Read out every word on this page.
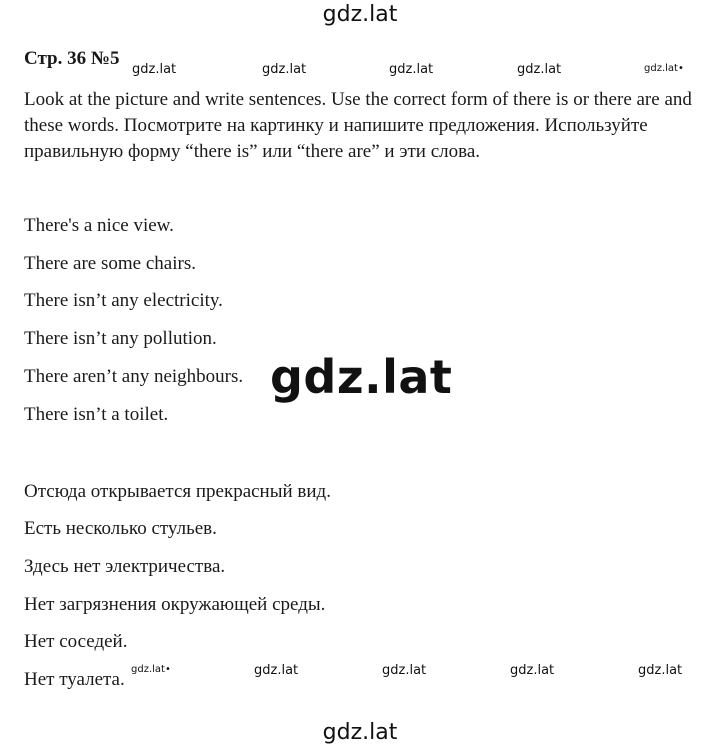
gdz.lat
gdz.lat	gdz.lat	gdz.lat	gdz.lat	gdz.lat•
gdz.lat
gdz.lat•	gdz.lat	gdz.lat	gdz.lat	gdz.lat
gdz.lat
Стр. 36 №5
Look at the picture and write sentences. Use the correct form of there is or there are and these words. Посмотрите на картинку и напишите предложения. Используйте правильную форму “there is” или “there are” и эти слова.
There's a nice view.
There are some chairs.
There isn’t any electricity.
There isn’t any pollution.
There aren’t any neighbours.
There isn’t a toilet.
Отсюда открывается прекрасный вид.
Есть несколько стульев.
Здесь нет электричества.
Нет загрязнения окружающей среды.
Нет соседей.
Нет туалета.
